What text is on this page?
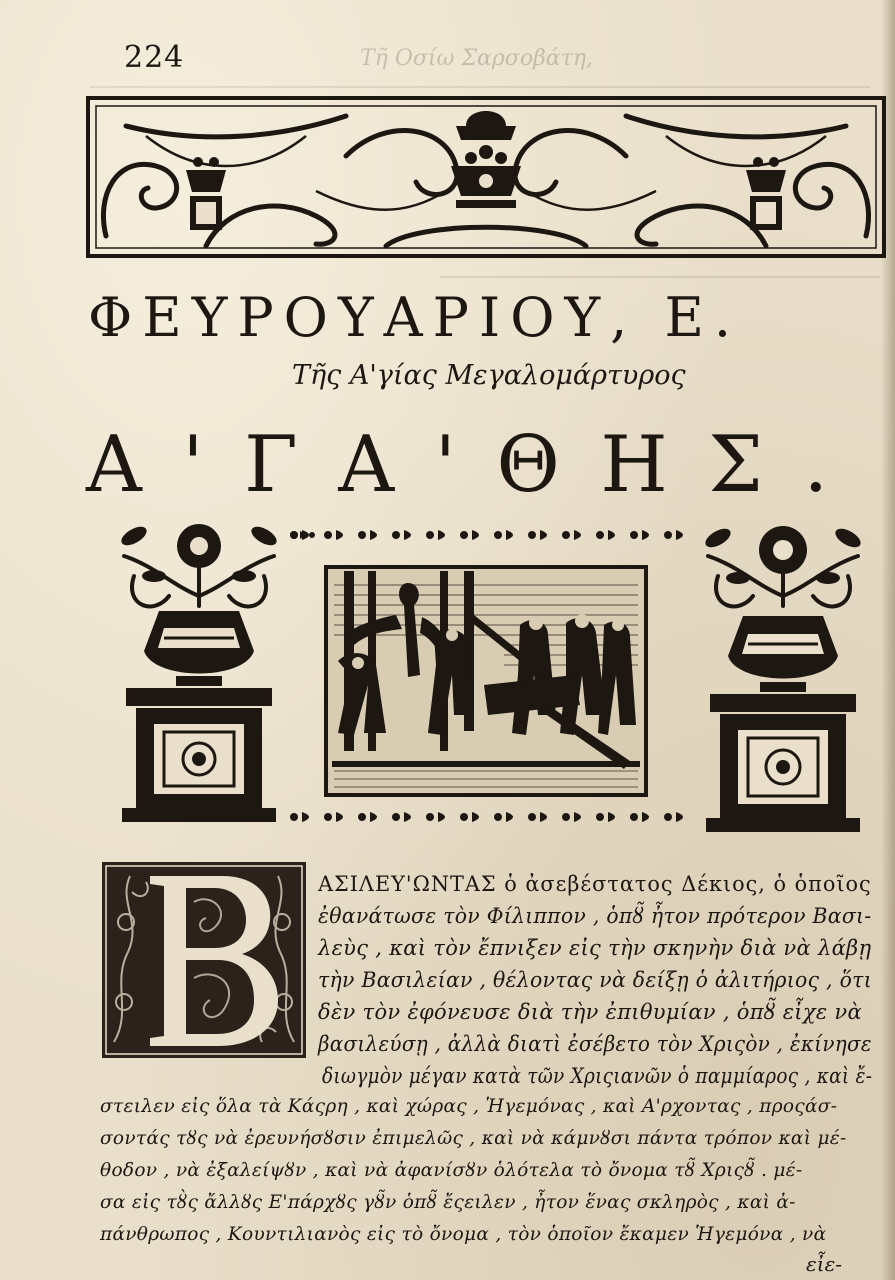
224	Τῆ Οσίω Σαρσοβάτη,
ΦΕΥΡΟΥΑΡΙΟΥ, Ε.
Τῆς Α'γίας Μεγαλομάρτυρος
Α'ΓΑ'ΘΗΣ.
ΑΣΙΛΕΥ'ΩΝΤΑΣ ὁ ἀσεβέστατος Δέκιος, ὁ ὁποῖος
ἐθανάτωσε τὸν Φίλιππον , ὁπȣ̃ ἦτον πρότερον Βασι-
λεὺς , καὶ τὸν ἔπνιξεν εἰς τὴν σκηνὴν διὰ νὰ λάβῃ
τὴν Βασιλείαν , θέλοντας νὰ δείξῃ ὁ ἀλιτήριος , ὅτι
δὲν τὸν ἐφόνευσε διὰ τὴν ἐπιθυμίαν , ὁπȣ̃ εἶχε νὰ
βασιλεύσῃ , ἀλλὰ διατὶ ἐσέβετο τὸν Χριςὸν , ἐκίνησε
διωγμὸν μέγαν κατὰ τῶν Χριςιανῶν ὁ παμμίαρος , καὶ ἔ-
στειλεν εἰς ὅλα τὰ Κάςρη , καὶ χώρας , Ἡγεμόνας , καὶ Α'ρχοντας , προςάσ-
σοντάς τȣς νὰ ἐρευνήσȣσιν ἐπιμελῶς , καὶ νὰ κάμνȣσι πάντα τρόπον καὶ μέ-
θοδον , νὰ ἐξαλείψȣν , καὶ νὰ ἀφανίσȣν ὁλότελα τὸ ὄνομα τȣ̃ Χριςȣ̃ . μέ-
σα εἰς τȣ̀ς ἄλλȣς Ε'πάρχȣς γȣ̃ν ὁπȣ̃ ἔςειλεν , ἦτον ἕνας σκληρὸς , καὶ ἀ-
πάνθρωπος , Κουντιλιανὸς εἰς τὸ ὄνομα , τὸν ὁποῖον ἔκαμεν Ἡγεμόνα , νὰ
εἶε-
